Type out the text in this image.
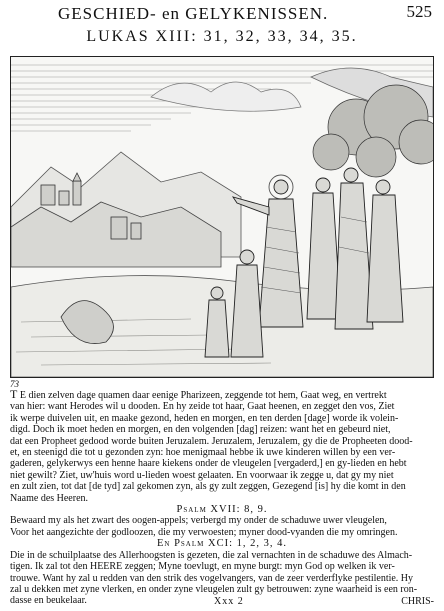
GESCHIED- en GELYKENISSEN.	525
LUKAS XIII: 31, 32, 33, 34, 35.
73
T E dien zelven dage quamen daar eenige Pharizeen, zeggende tot hem, Gaat weg, en vertrekt
van hier: want Herodes wil u dooden. En hy zeide tot haar, Gaat heenen, en zegget den vos, Ziet
ik werpe duivelen uit, en maake gezond, heden en morgen, en ten derden [dage] worde ik volein-
digd. Doch ik moet heden en morgen, en den volgenden [dag] reizen: want het en gebeurd niet,
dat een Propheet gedood worde buiten Jeruzalem. Jeruzalem, Jeruzalem, gy die de Propheeten dood-
et, en steenigd die tot u gezonden zyn: hoe menigmaal hebbe ik uwe kinderen willen by een ver-
gaderen, gelykerwys een henne haare kiekens onder de vleugelen [vergaderd,] en gy-lieden en hebt
niet gewilt? Ziet, uw'huis word u-lieden woest gelaaten. En voorwaar ik zegge u, dat gy my niet
en zult zien, tot dat [de tyd] zal gekomen zyn, als gy zult zeggen, Gezegend [is] hy die komt in den
Naame des Heeren.
Psalm XVII: 8, 9.
Bewaard my als het zwart des oogen-appels; verbergd my onder de schaduwe uwer vleugelen,
Voor het aangezichte der godloozen, die my verwoesten; myner dood-vyanden die my omringen.
En Psalm XCI: 1, 2, 3, 4.
Die in de schuilplaatse des Allerhoogsten is gezeten, die zal vernachten in de schaduwe des Almach-
tigen. Ik zal tot den HEERE zeggen; Myne toevlugt, en myne burgt: myn God op welken ik ver-
trouwe. Want hy zal u redden van den strik des vogelvangers, van de zeer verderflyke pestilentie. Hy
zal u dekken met zyne vlerken, en onder zyne vleugelen zult gy betrouwen: zyne waarheid is een ron-
dasse en beukelaar.	Xxx 2	CHRIS-
